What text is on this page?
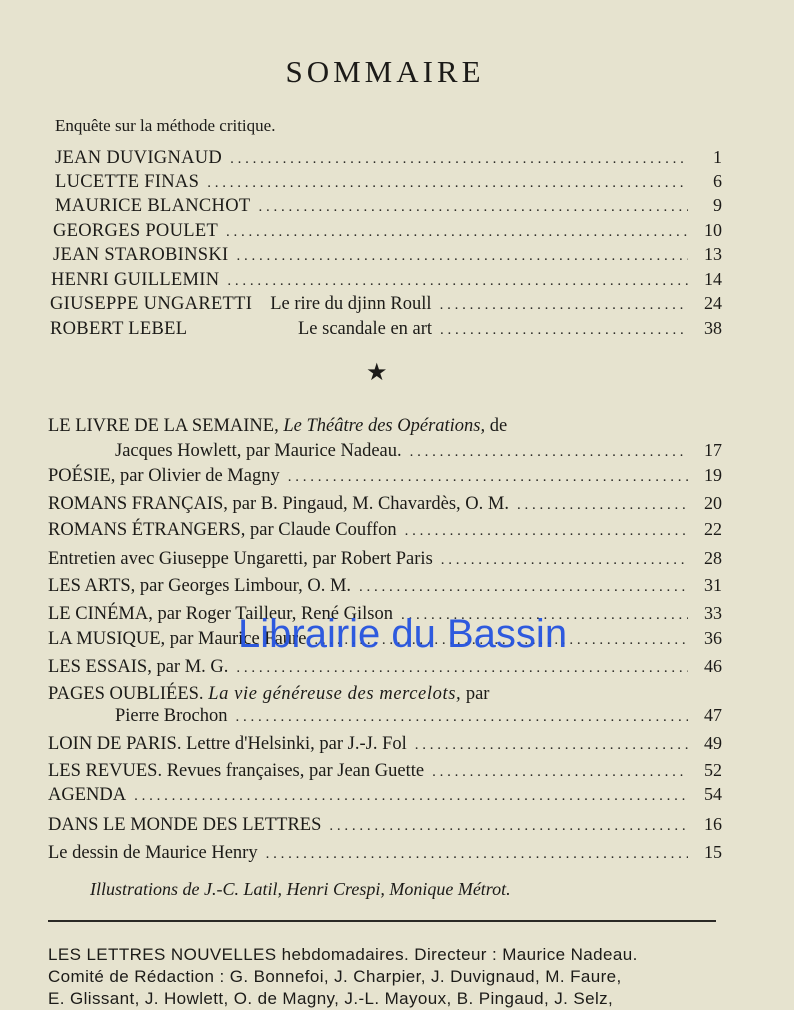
SOMMAIRE
Enquête sur la méthode critique.
JEAN DUVIGNAUD . . .	1
LUCETTE FINAS . . .	6
MAURICE BLANCHOT . . .	9
GEORGES POULET . . .	10
JEAN STAROBINSKI . . .	13
HENRI GUILLEMIN . . .	14
GIUSEPPE UNGARETTI Le rire du djinn Roull . . .	24
ROBERT LEBEL	Le scandale en art . . .	38
★
LE LIVRE DE LA SEMAINE, Le Théâtre des Opérations, de
Jacques Howlett, par Maurice Nadeau. . . .	17
POÉSIE, par Olivier de Magny . . .	19
ROMANS FRANÇAIS, par B. Pingaud, M. Chavardès, O. M. . . .	20
ROMANS ÉTRANGERS, par Claude Couffon . . .	22
Entretien avec Giuseppe Ungaretti, par Robert Paris . . .	28
LES ARTS, par Georges Limbour, O. M. . . .	31
LE CINÉMA, par Roger Tailleur, René Gilson . . .	33
LA MUSIQUE, par Maurice Faure . . .	36
LES ESSAIS, par M. G. . . .	46
PAGES OUBLIÉES. La vie généreuse des mercelots, par
Pierre Brochon . . .	47
LOIN DE PARIS. Lettre d'Helsinki, par J.-J. Fol . . .	49
LES REVUES. Revues françaises, par Jean Guette . . .	52
AGENDA . . .	54
DANS LE MONDE DES LETTRES . . .	16
Le dessin de Maurice Henry . . .	15
Illustrations de J.-C. Latil, Henri Crespi, Monique Métrot.
LES LETTRES NOUVELLES hebdomadaires. Directeur : Maurice Nadeau.
Comité de Rédaction : G. Bonnefoi, J. Charpier, J. Duvignaud, M. Faure,
E. Glissant, J. Howlett, O. de Magny, J.-L. Mayoux, B. Pingaud, J. Selz,
Librairie du Bassin
